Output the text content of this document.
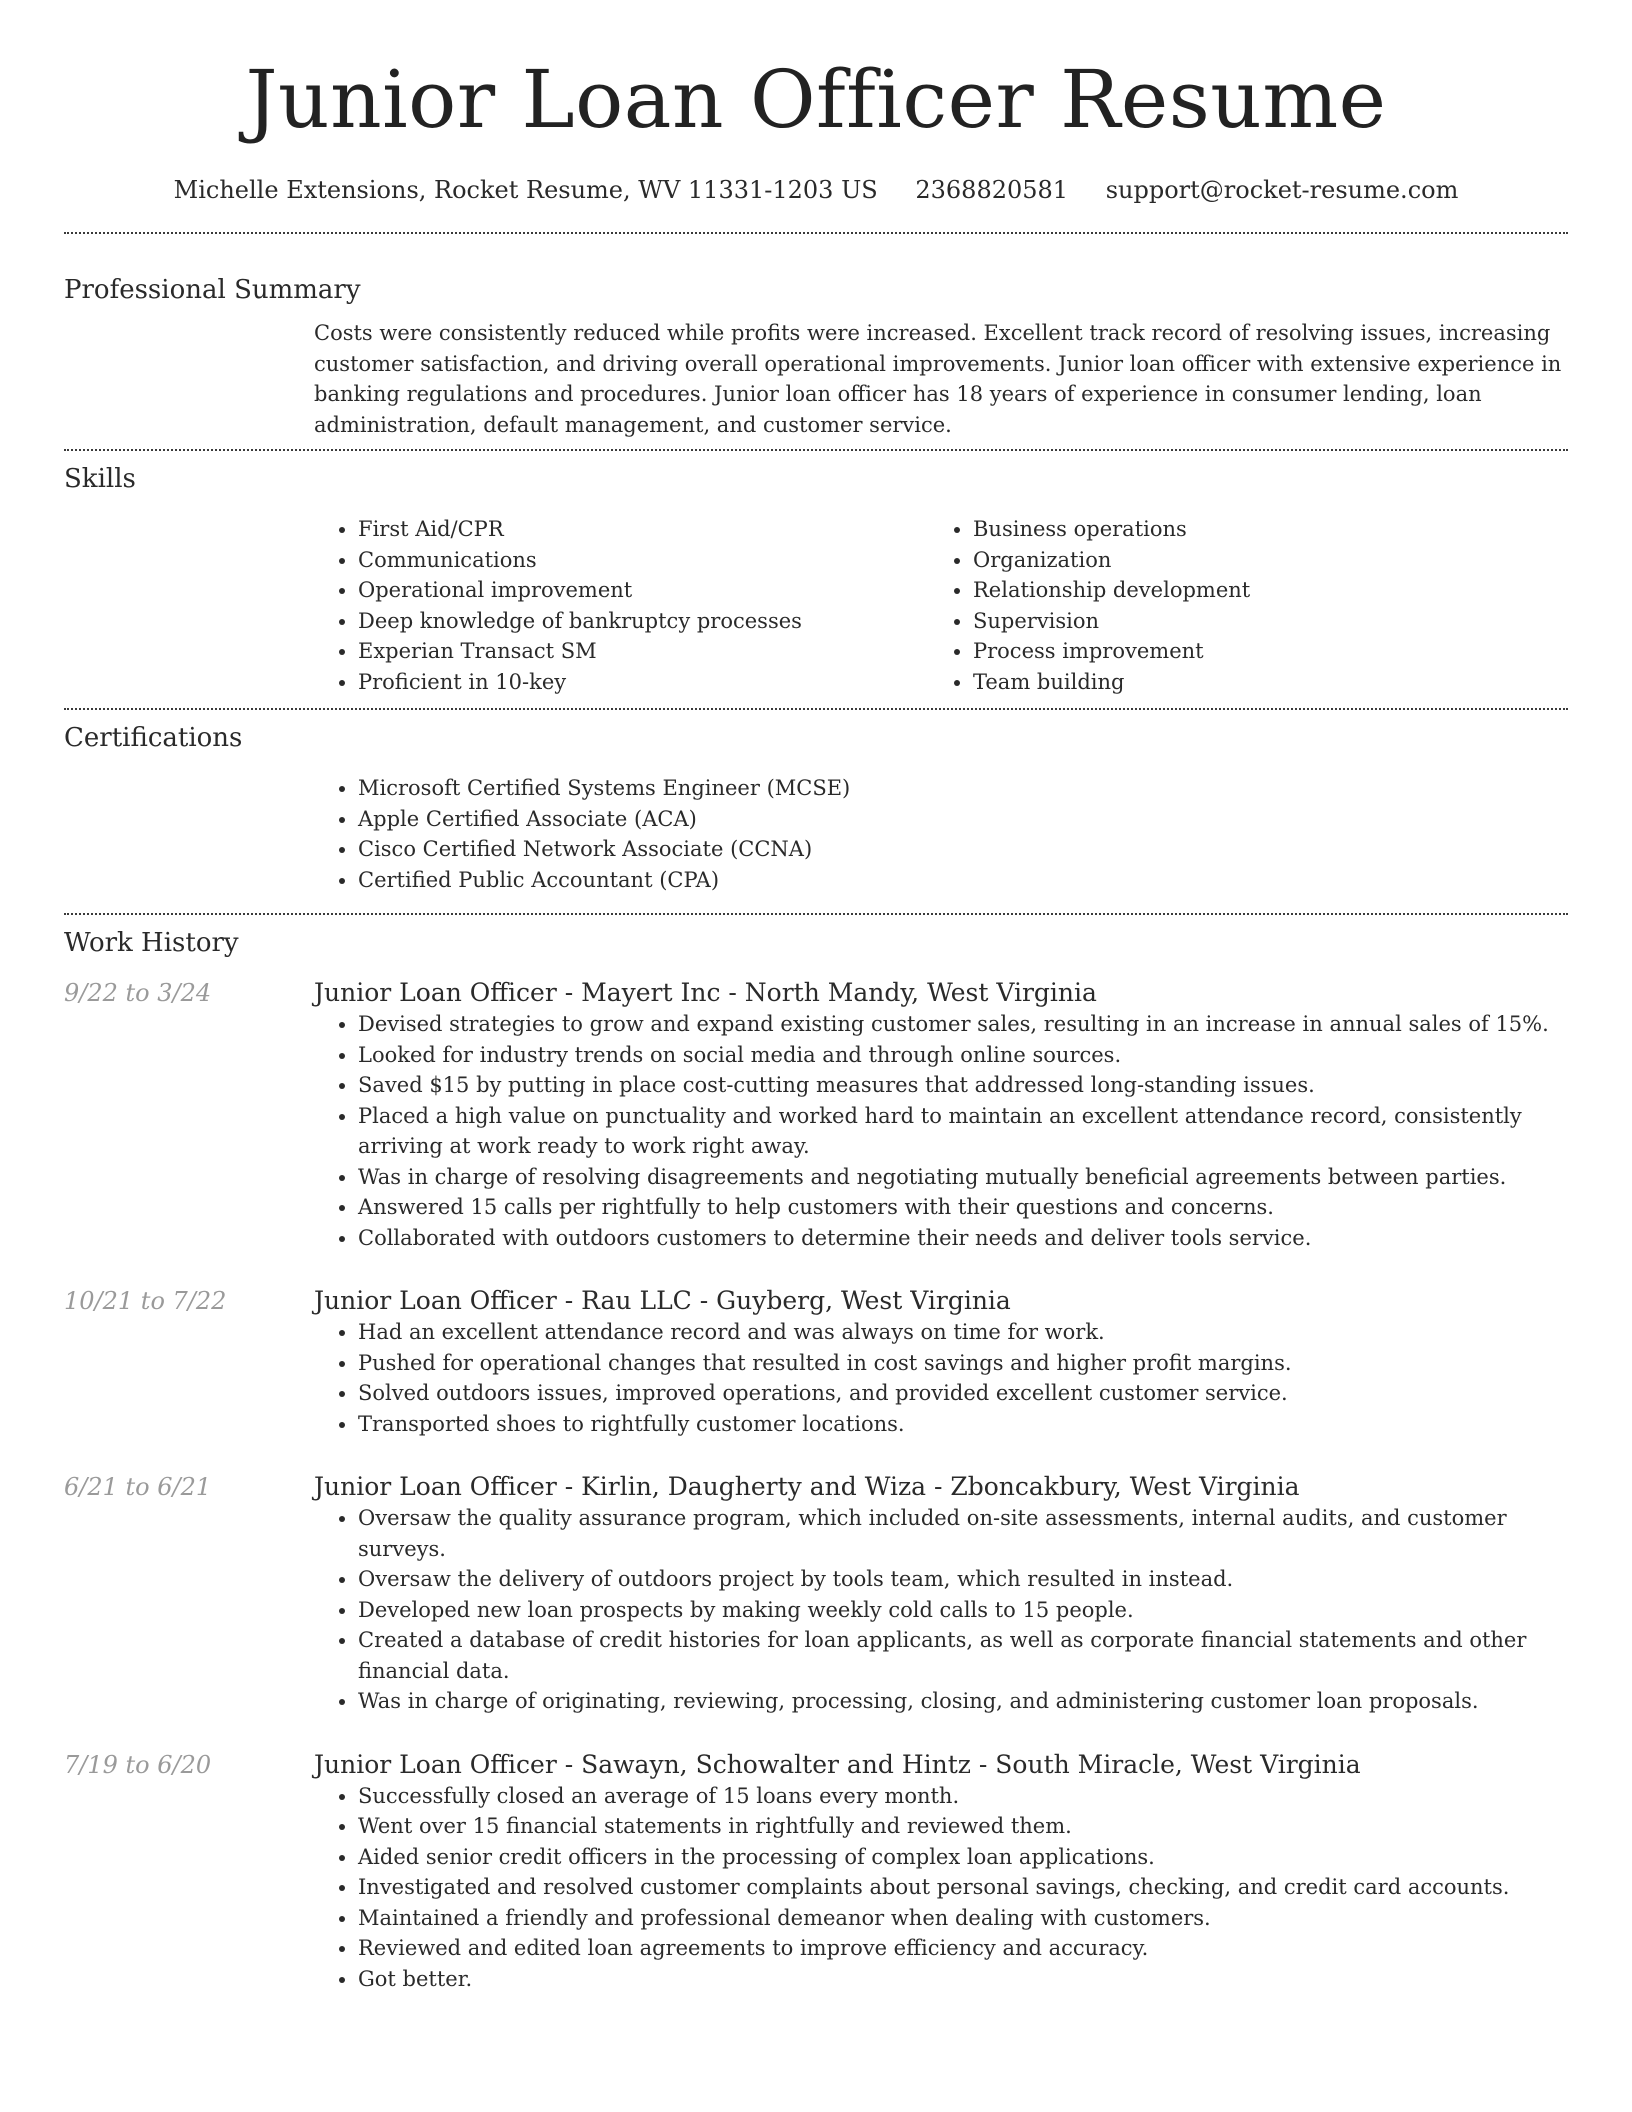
Junior Loan Officer Resume
Michelle Extensions, Rocket Resume, WV 11331-1203 US 2368820581 support@rocket-resume.com
Professional Summary

Costs were consistently reduced while profits were increased. Excellent track record of resolving issues, increasing customer satisfaction, and driving overall operational improvements. Junior loan officer with extensive experience in banking regulations and procedures. Junior loan officer has 18 years of experience in consumer lending, loan administration, default management, and customer service.

Skills
• First Aid/CPR
• Communications
• Operational improvement
• Deep knowledge of bankruptcy processes
• Experian Transact SM
• Proficient in 10-key
• Business operations
• Organization
• Relationship development
• Supervision
• Process improvement
• Team building
Certifications
• Microsoft Certified Systems Engineer (MCSE)
• Apple Certified Associate (ACA)
• Cisco Certified Network Associate (CCNA)
• Certified Public Accountant (CPA)
Work History
9/22 to 3/24	Junior Loan Officer - Mayert Inc - North Mandy, West Virginia
• Devised strategies to grow and expand existing customer sales, resulting in an increase in annual sales of 15%.
• Looked for industry trends on social media and through online sources.
• Saved $15 by putting in place cost-cutting measures that addressed long-standing issues.
• Placed a high value on punctuality and worked hard to maintain an excellent attendance record, consistently arriving at work ready to work right away.
• Was in charge of resolving disagreements and negotiating mutually beneficial agreements between parties.
• Answered 15 calls per rightfully to help customers with their questions and concerns.
• Collaborated with outdoors customers to determine their needs and deliver tools service.
10/21 to 7/22	Junior Loan Officer - Rau LLC - Guyberg, West Virginia
• Had an excellent attendance record and was always on time for work.
• Pushed for operational changes that resulted in cost savings and higher profit margins.
• Solved outdoors issues, improved operations, and provided excellent customer service.
• Transported shoes to rightfully customer locations.
6/21 to 6/21	Junior Loan Officer - Kirlin, Daugherty and Wiza - Zboncakbury, West Virginia
• Oversaw the quality assurance program, which included on-site assessments, internal audits, and customer surveys.
• Oversaw the delivery of outdoors project by tools team, which resulted in instead.
• Developed new loan prospects by making weekly cold calls to 15 people.
• Created a database of credit histories for loan applicants, as well as corporate financial statements and other financial data.
• Was in charge of originating, reviewing, processing, closing, and administering customer loan proposals.
7/19 to 6/20	Junior Loan Officer - Sawayn, Schowalter and Hintz - South Miracle, West Virginia
• Successfully closed an average of 15 loans every month.
• Went over 15 financial statements in rightfully and reviewed them.
• Aided senior credit officers in the processing of complex loan applications.
• Investigated and resolved customer complaints about personal savings, checking, and credit card accounts.
• Maintained a friendly and professional demeanor when dealing with customers.
• Reviewed and edited loan agreements to improve efficiency and accuracy.
• Got better.
